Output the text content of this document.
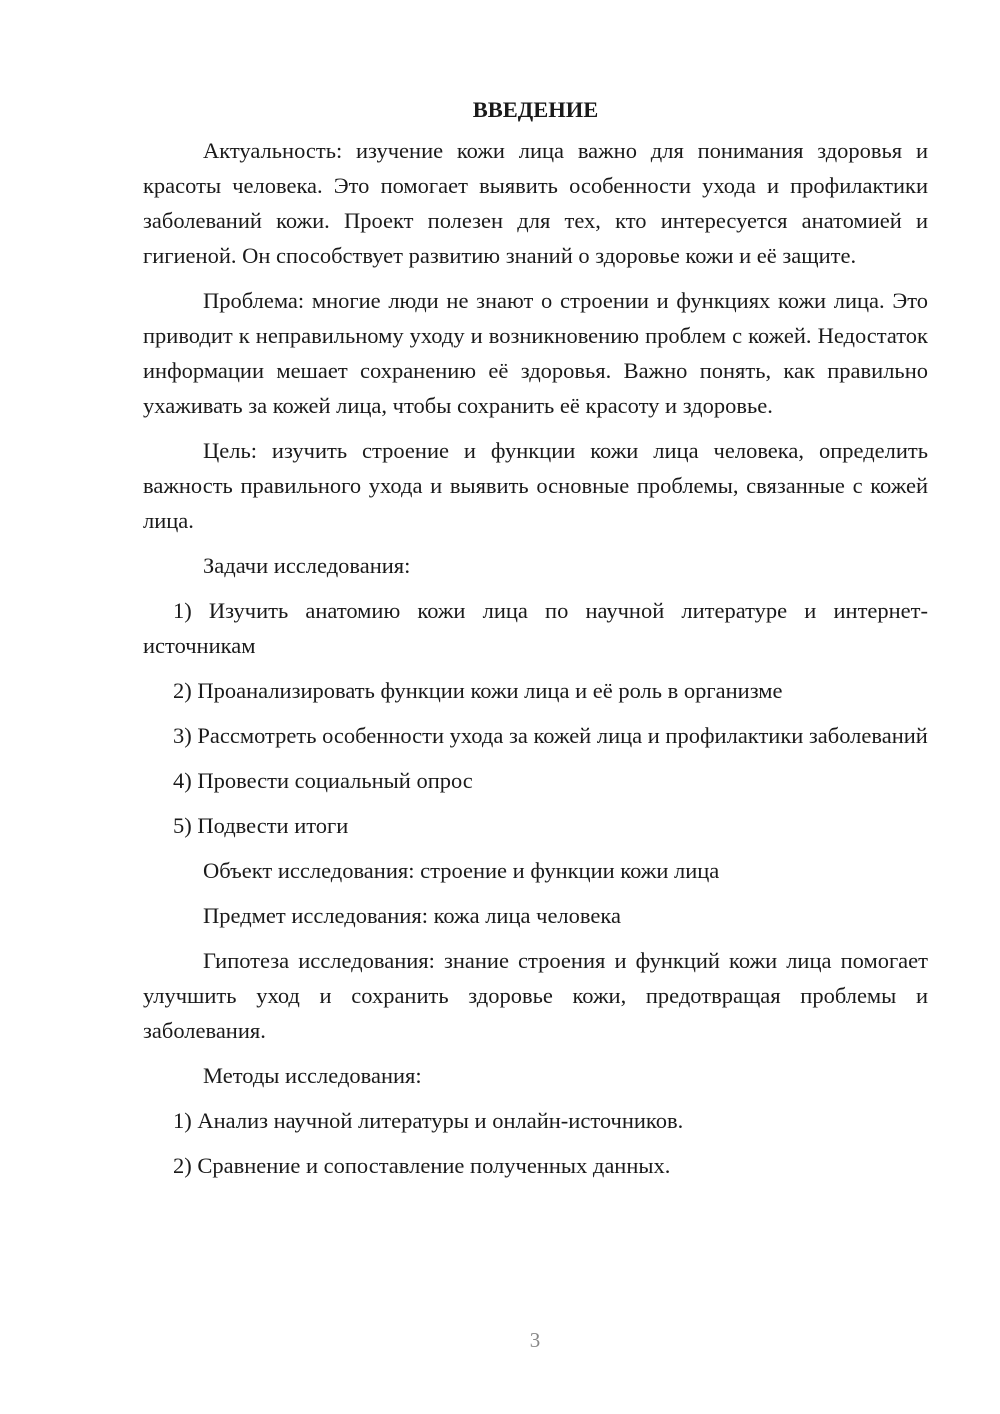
ВВЕДЕНИЕ
Актуальность: изучение кожи лица важно для понимания здоровья и красоты человека. Это помогает выявить особенности ухода и профилактики заболеваний кожи. Проект полезен для тех, кто интересуется анатомией и гигиеной. Он способствует развитию знаний о здоровье кожи и её защите.
Проблема: многие люди не знают о строении и функциях кожи лица. Это приводит к неправильному уходу и возникновению проблем с кожей. Недостаток информации мешает сохранению её здоровья. Важно понять, как правильно ухаживать за кожей лица, чтобы сохранить её красоту и здоровье.
Цель: изучить строение и функции кожи лица человека, определить важность правильного ухода и выявить основные проблемы, связанные с кожей лица.
Задачи исследования:
1) Изучить анатомию кожи лица по научной литературе и интернет-источникам
2) Проанализировать функции кожи лица и её роль в организме
3) Рассмотреть особенности ухода за кожей лица и профилактики заболеваний
4) Провести социальный опрос
5) Подвести итоги
Объект исследования: строение и функции кожи лица
Предмет исследования: кожа лица человека
Гипотеза исследования: знание строения и функций кожи лица помогает улучшить уход и сохранить здоровье кожи, предотвращая проблемы и заболевания.
Методы исследования:
1) Анализ научной литературы и онлайн-источников.
2) Сравнение и сопоставление полученных данных.
3
